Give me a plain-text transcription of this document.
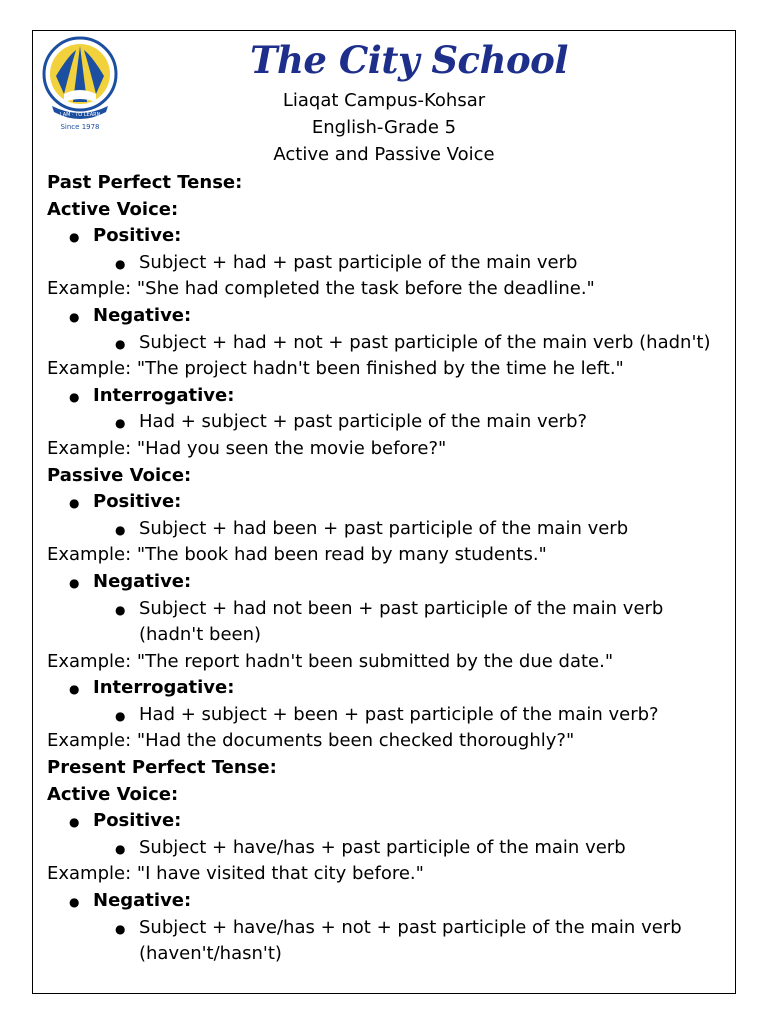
I AM · TO LEARN
Since 1978
The City School
Liaqat Campus-Kohsar
English-Grade 5
Active and Passive Voice
Past Perfect Tense:
Active Voice:
● Positive:
● Subject + had + past participle of the main verb
Example: "She had completed the task before the deadline."
● Negative:
● Subject + had + not + past participle of the main verb (hadn't)
Example: "The project hadn't been finished by the time he left."
● Interrogative:
● Had + subject + past participle of the main verb?
Example: "Had you seen the movie before?"
Passive Voice:
● Positive:
● Subject + had been + past participle of the main verb
Example: "The book had been read by many students."
● Negative:
● Subject + had not been + past participle of the main verb
(hadn't been)
Example: "The report hadn't been submitted by the due date."
● Interrogative:
● Had + subject + been + past participle of the main verb?
Example: "Had the documents been checked thoroughly?"
Present Perfect Tense:
Active Voice:
● Positive:
● Subject + have/has + past participle of the main verb
Example: "I have visited that city before."
● Negative:
● Subject + have/has + not + past participle of the main verb
(haven't/hasn't)
